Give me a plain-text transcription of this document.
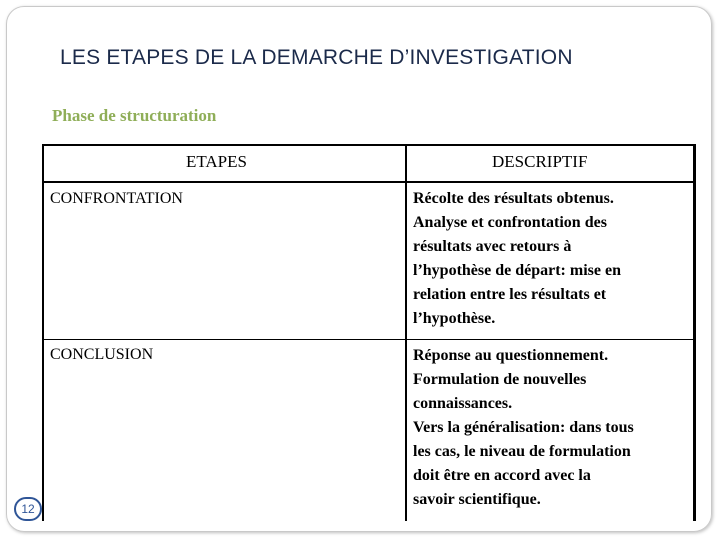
LES ETAPES DE LA DEMARCHE D’INVESTIGATION
Phase de structuration
ETAPES	DESCRIPTIF
CONFRONTATION	Récolte des résultats obtenus.
Analyse et confrontation des
résultats avec retours à
l’hypothèse de départ: mise en
relation entre les résultats et
l’hypothèse.
CONCLUSION	Réponse au questionnement.
Formulation de nouvelles
connaissances.
Vers la généralisation: dans tous
les cas, le niveau de formulation
doit être en accord avec la
savoir scientifique.
12
